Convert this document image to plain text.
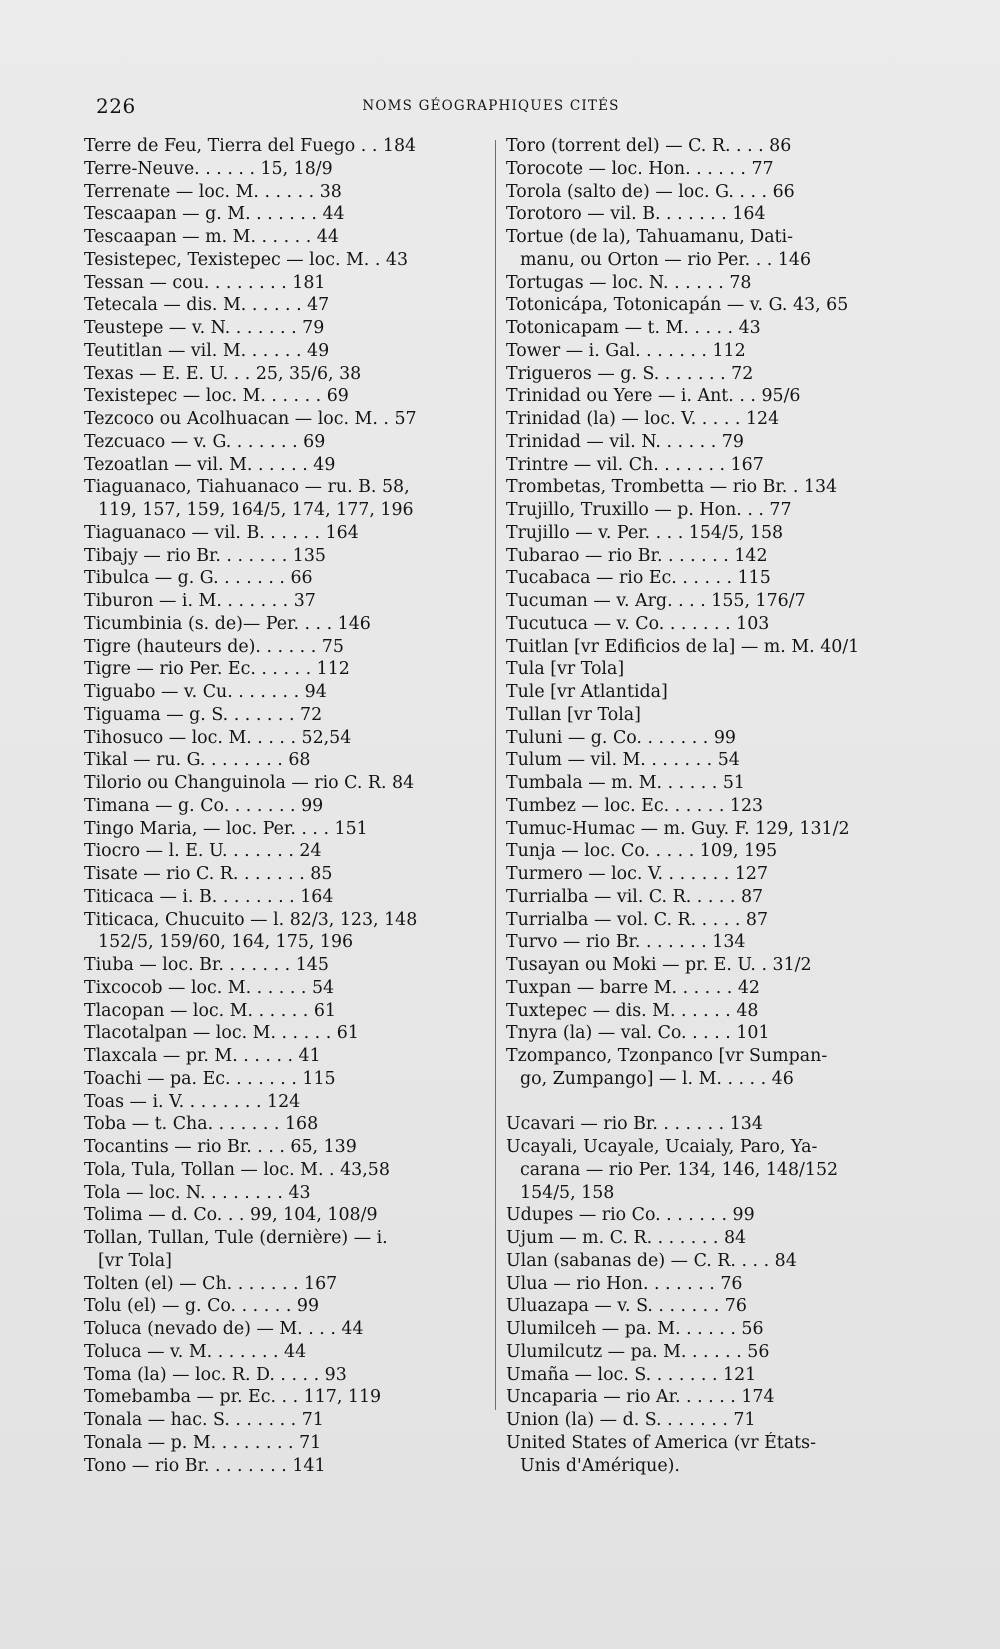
226	NOMS GÉOGRAPHIQUES CITÉS
Terre de Feu, Tierra del Fuego . . 184
Terre-Neuve. . . . . . 15, 18/9
Terrenate — loc. M. . . . . . 38
Tescaapan — g. M. . . . . . . 44
Tescaapan — m. M. . . . . . 44
Tesistepec, Texistepec — loc. M. . 43
Tessan — cou. . . . . . . . 181
Tetecala — dis. M. . . . . . 47
Teustepe — v. N. . . . . . . 79
Teutitlan — vil. M. . . . . . 49
Texas — E. E. U. . . 25, 35/6, 38
Texistepec — loc. M. . . . . . 69
Tezcoco ou Acolhuacan — loc. M. . 57
Tezcuaco — v. G. . . . . . . 69
Tezoatlan — vil. M. . . . . . 49
Tiaguanaco, Tiahuanaco — ru. B. 58,
119, 157, 159, 164/5, 174, 177, 196
Tiaguanaco — vil. B. . . . . . 164
Tibajy — rio Br. . . . . . . 135
Tibulca — g. G. . . . . . . 66
Tiburon — i. M. . . . . . . 37
Ticumbinia (s. de)— Per. . . . 146
Tigre (hauteurs de). . . . . . 75
Tigre — rio Per. Ec. . . . . . 112
Tiguabo — v. Cu. . . . . . . 94
Tiguama — g. S. . . . . . . 72
Tihosuco — loc. M. . . . . 52,54
Tikal — ru. G. . . . . . . . 68
Tilorio ou Changuinola — rio C. R. 84
Timana — g. Co. . . . . . . 99
Tingo Maria, — loc. Per. . . . 151
Tiocro — l. E. U. . . . . . . 24
Tisate — rio C. R. . . . . . . 85
Titicaca — i. B. . . . . . . . 164
Titicaca, Chucuito — l. 82/3, 123, 148
152/5, 159/60, 164, 175, 196
Tiuba — loc. Br. . . . . . . 145
Tixcocob — loc. M. . . . . . 54
Tlacopan — loc. M. . . . . . 61
Tlacotalpan — loc. M. . . . . . 61
Tlaxcala — pr. M. . . . . . 41
Toachi — pa. Ec. . . . . . . 115
Toas — i. V. . . . . . . . 124
Toba — t. Cha. . . . . . . 168
Tocantins — rio Br. . . . 65, 139
Tola, Tula, Tollan — loc. M. . 43,58
Tola — loc. N. . . . . . . . 43
Tolima — d. Co. . . 99, 104, 108/9
Tollan, Tullan, Tule (dernière) — i.
[vr Tola]
Tolten (el) — Ch. . . . . . . 167
Tolu (el) — g. Co. . . . . . 99
Toluca (nevado de) — M. . . . 44
Toluca — v. M. . . . . . . 44
Toma (la) — loc. R. D. . . . . 93
Tomebamba — pr. Ec. . . 117, 119
Tonala — hac. S. . . . . . . 71
Tonala — p. M. . . . . . . . 71
Tono — rio Br. . . . . . . . 141
Toro (torrent del) — C. R. . . . 86
Torocote — loc. Hon. . . . . . 77
Torola (salto de) — loc. G. . . . 66
Torotoro — vil. B. . . . . . . 164
Tortue (de la), Tahuamanu, Dati-
manu, ou Orton — rio Per. . . 146
Tortugas — loc. N. . . . . . 78
Totonicápa, Totonicapán — v. G. 43, 65
Totonicapam — t. M. . . . . 43
Tower — i. Gal. . . . . . . 112
Trigueros — g. S. . . . . . . 72
Trinidad ou Yere — i. Ant. . . 95/6
Trinidad (la) — loc. V. . . . . 124
Trinidad — vil. N. . . . . . 79
Trintre — vil. Ch. . . . . . . 167
Trombetas, Trombetta — rio Br. . 134
Trujillo, Truxillo — p. Hon. . . 77
Trujillo — v. Per. . . . 154/5, 158
Tubarao — rio Br. . . . . . . 142
Tucabaca — rio Ec. . . . . . 115
Tucuman — v. Arg. . . . 155, 176/7
Tucutuca — v. Co. . . . . . . 103
Tuitlan [vr Edificios de la] — m. M. 40/1
Tula [vr Tola]
Tule [vr Atlantida]
Tullan [vr Tola]
Tuluni — g. Co. . . . . . . 99
Tulum — vil. M. . . . . . . 54
Tumbala — m. M. . . . . . 51
Tumbez — loc. Ec. . . . . . 123
Tumuc-Humac — m. Guy. F. 129, 131/2
Tunja — loc. Co. . . . . 109, 195
Turmero — loc. V. . . . . . . 127
Turrialba — vil. C. R. . . . . 87
Turrialba — vol. C. R. . . . . 87
Turvo — rio Br. . . . . . . 134
Tusayan ou Moki — pr. E. U. . 31/2
Tuxpan — barre M. . . . . . 42
Tuxtepec — dis. M. . . . . . 48
Tnyra (la) — val. Co. . . . . 101
Tzompanco, Tzonpanco [vr Sumpan-
go, Zumpango] — l. M. . . . . 46
Ucavari — rio Br. . . . . . . 134
Ucayali, Ucayale, Ucaialy, Paro, Ya-
carana — rio Per. 134, 146, 148/152
154/5, 158
Udupes — rio Co. . . . . . . 99
Ujum — m. C. R. . . . . . . 84
Ulan (sabanas de) — C. R. . . . 84
Ulua — rio Hon. . . . . . . 76
Uluazapa — v. S. . . . . . . 76
Ulumilceh — pa. M. . . . . . 56
Ulumilcutz — pa. M. . . . . . 56
Umaña — loc. S. . . . . . . 121
Uncaparia — rio Ar. . . . . . 174
Union (la) — d. S. . . . . . . 71
United States of America (vr États-
Unis d'Amérique).
